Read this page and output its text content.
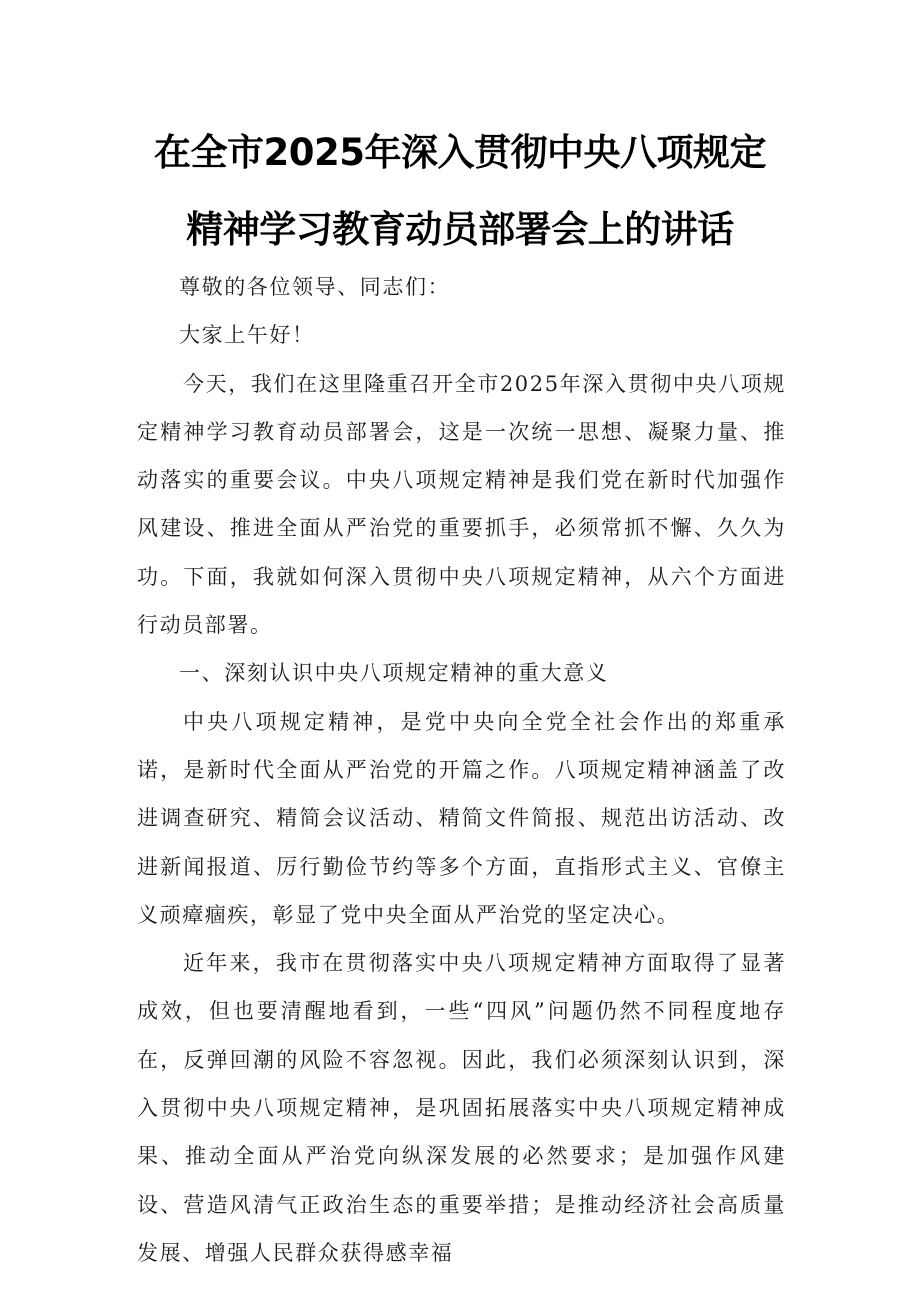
在全市2025年深入贯彻中央八项规定
精神学习教育动员部署会上的讲话
尊敬的各位领导、同志们：
大家上午好！
今天，我们在这里隆重召开全市2025年深入贯彻中央八项规定精神学习教育动员部署会，这是一次统一思想、凝聚力量、推动落实的重要会议。中央八项规定精神是我们党在新时代加强作风建设、推进全面从严治党的重要抓手，必须常抓不懈、久久为功。下面，我就如何深入贯彻中央八项规定精神，从六个方面进行动员部署。
一、深刻认识中央八项规定精神的重大意义
中央八项规定精神，是党中央向全党全社会作出的郑重承诺，是新时代全面从严治党的开篇之作。八项规定精神涵盖了改进调查研究、精简会议活动、精简文件简报、规范出访活动、改进新闻报道、厉行勤俭节约等多个方面，直指形式主义、官僚主义顽瘴痼疾，彰显了党中央全面从严治党的坚定决心。
近年来，我市在贯彻落实中央八项规定精神方面取得了显著成效，但也要清醒地看到，一些“四风”问题仍然不同程度地存在，反弹回潮的风险不容忽视。因此，我们必须深刻认识到，深入贯彻中央八项规定精神，是巩固拓展落实中央八项规定精神成果、推动全面从严治党向纵深发展的必然要求；是加强作风建设、营造风清气正政治生态的重要举措；是推动经济社会高质量发展、增强人民群众获得感幸福
